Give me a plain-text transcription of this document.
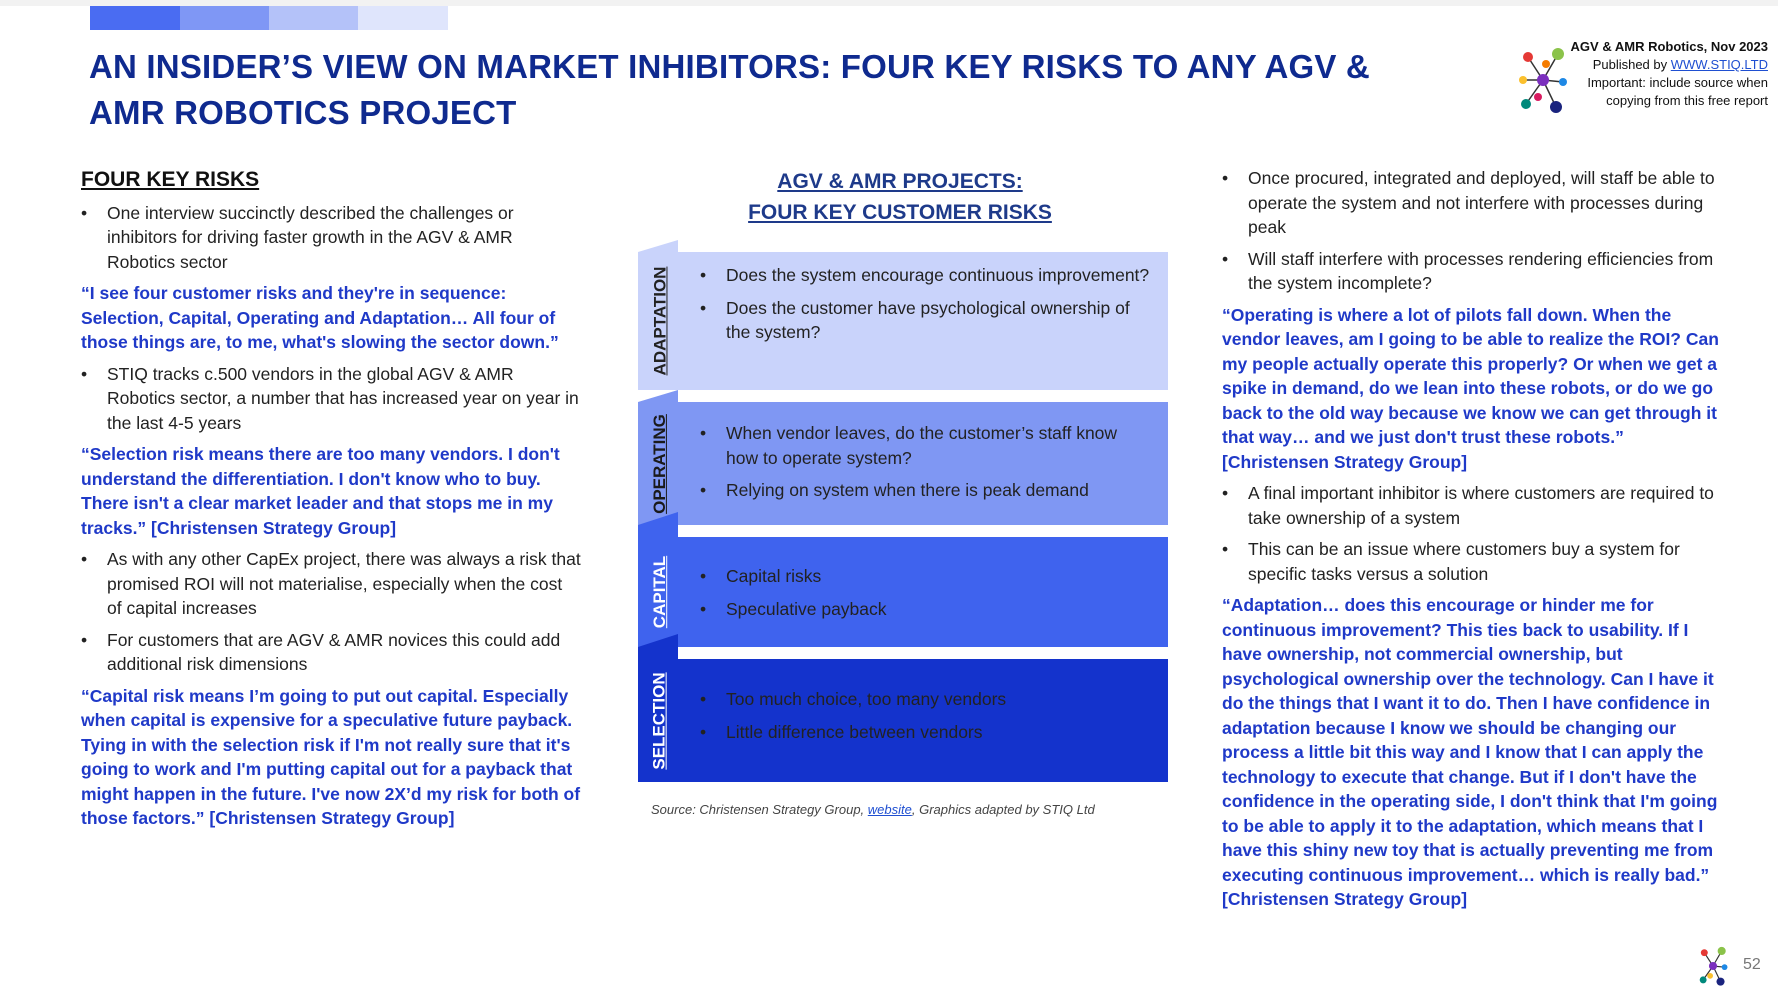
AN INSIDER’S VIEW ON MARKET INHIBITORS: FOUR KEY RISKS TO ANY AGV & AMR ROBOTICS PROJECT
AGV & AMR Robotics, Nov 2023
Published by WWW.STIQ.LTD
Important: include source when
copying from this free report
FOUR KEY RISKS
• One interview succinctly described the challenges or inhibitors for driving faster growth in the AGV & AMR Robotics sector
“I see four customer risks and they're in sequence: Selection, Capital, Operating and Adaptation… All four of those things are, to me, what's slowing the sector down.”
• STIQ tracks c.500 vendors in the global AGV & AMR Robotics sector, a number that has increased year on year in the last 4-5 years
“Selection risk means there are too many vendors. I don't understand the differentiation. I don't know who to buy. There isn't a clear market leader and that stops me in my tracks.” [Christensen Strategy Group]
• As with any other CapEx project, there was always a risk that promised ROI will not materialise, especially when the cost of capital increases
• For customers that are AGV & AMR novices this could add additional risk dimensions
“Capital risk means I’m going to put out capital. Especially when capital is expensive for a speculative future payback. Tying in with the selection risk if I'm not really sure that it's going to work and I'm putting capital out for a payback that might happen in the future. I've now 2X’d my risk for both of those factors.” [Christensen Strategy Group]
AGV & AMR PROJECTS:
FOUR KEY CUSTOMER RISKS
ADAPTATION
OPERATING
CAPITAL
SELECTION
• Does the system encourage continuous improvement?
• Does the customer have psychological ownership of the system?
• When vendor leaves, do the customer’s staff know how to operate system?
• Relying on system when there is peak demand
• Capital risks
• Speculative payback
• Too much choice, too many vendors
• Little difference between vendors
Source: Christensen Strategy Group, website, Graphics adapted by STIQ Ltd
• Once procured, integrated and deployed, will staff be able to operate the system and not interfere with processes during peak
• Will staff interfere with processes rendering efficiencies from the system incomplete?
“Operating is where a lot of pilots fall down. When the vendor leaves, am I going to be able to realize the ROI? Can my people actually operate this properly? Or when we get a spike in demand, do we lean into these robots, or do we go back to the old way because we know we can get through it that way… and we just don't trust these robots.” [Christensen Strategy Group]
• A final important inhibitor is where customers are required to take ownership of a system
• This can be an issue where customers buy a system for specific tasks versus a solution
“Adaptation… does this encourage or hinder me for continuous improvement? This ties back to usability. If I have ownership, not commercial ownership, but psychological ownership over the technology. Can I have it do the things that I want it to do. Then I have confidence in adaptation because I know we should be changing our process a little bit this way and I know that I can apply the technology to execute that change. But if I don't have the confidence in the operating side, I don't think that I'm going to be able to apply it to the adaptation, which means that I have this shiny new toy that is actually preventing me from executing continuous improvement… which is really bad.” [Christensen Strategy Group]
52
